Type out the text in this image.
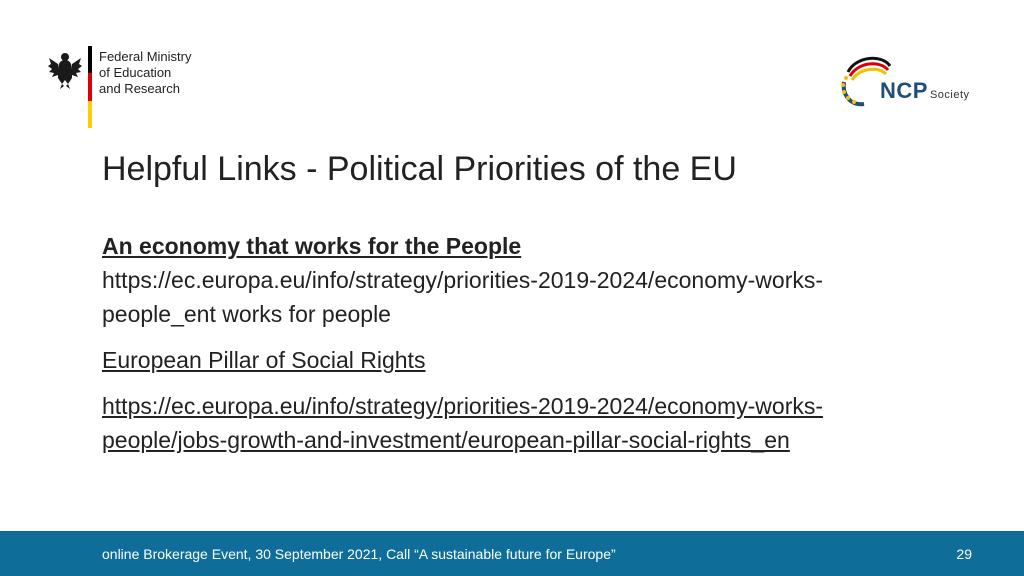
Federal Ministry
of Education
and Research	NCP Society
Helpful Links - Political Priorities of the EU

An economy that works for the People

https://ec.europa.eu/info/strategy/priorities-2019-2024/economy-works-

people_ent works for people

European Pillar of Social Rights

https://ec.europa.eu/info/strategy/priorities-2019-2024/economy-works-

people/jobs-growth-and-investment/european-pillar-social-rights_en

online Brokerage Event, 30 September 2021, Call “A sustainable future for Europe”	29
